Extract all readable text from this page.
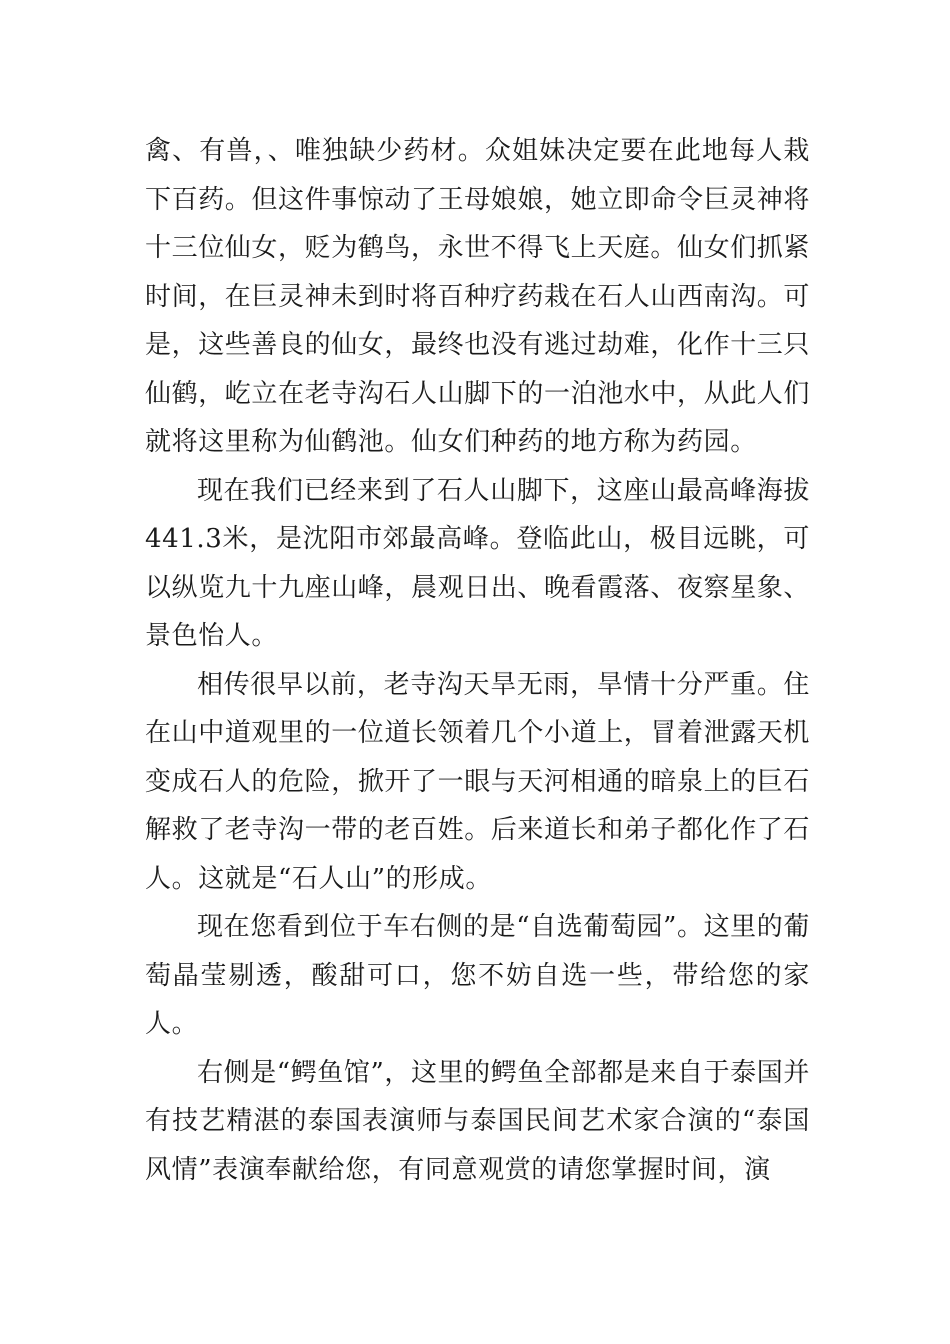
禽、有兽，、唯独缺少药材。众姐妹决定要在此地每人栽下百药。但这件事惊动了王母娘娘，她立即命令巨灵神将十三位仙女，贬为鹤鸟，永世不得飞上天庭。仙女们抓紧时间，在巨灵神未到时将百种疗药栽在石人山西南沟。可是，这些善良的仙女，最终也没有逃过劫难，化作十三只仙鹤，屹立在老寺沟石人山脚下的一泊池水中，从此人们就将这里称为仙鹤池。仙女们种药的地方称为药园。

现在我们已经来到了石人山脚下，这座山最高峰海拔441.3米，是沈阳市郊最高峰。登临此山，极目远眺，可以纵览九十九座山峰，晨观日出、晚看霞落、夜察星象、景色怡人。

相传很早以前，老寺沟天旱无雨，旱情十分严重。住在山中道观里的一位道长领着几个小道上，冒着泄露天机变成石人的危险，掀开了一眼与天河相通的暗泉上的巨石解救了老寺沟一带的老百姓。后来道长和弟子都化作了石人。这就是“石人山”的形成。

现在您看到位于车右侧的是“自选葡萄园”。这里的葡萄晶莹剔透，酸甜可口，您不妨自选一些，带给您的家人。

右侧是“鳄鱼馆”，这里的鳄鱼全部都是来自于泰国并有技艺精湛的泰国表演师与泰国民间艺术家合演的“泰国风情”表演奉献给您，有同意观赏的请您掌握时间，演
